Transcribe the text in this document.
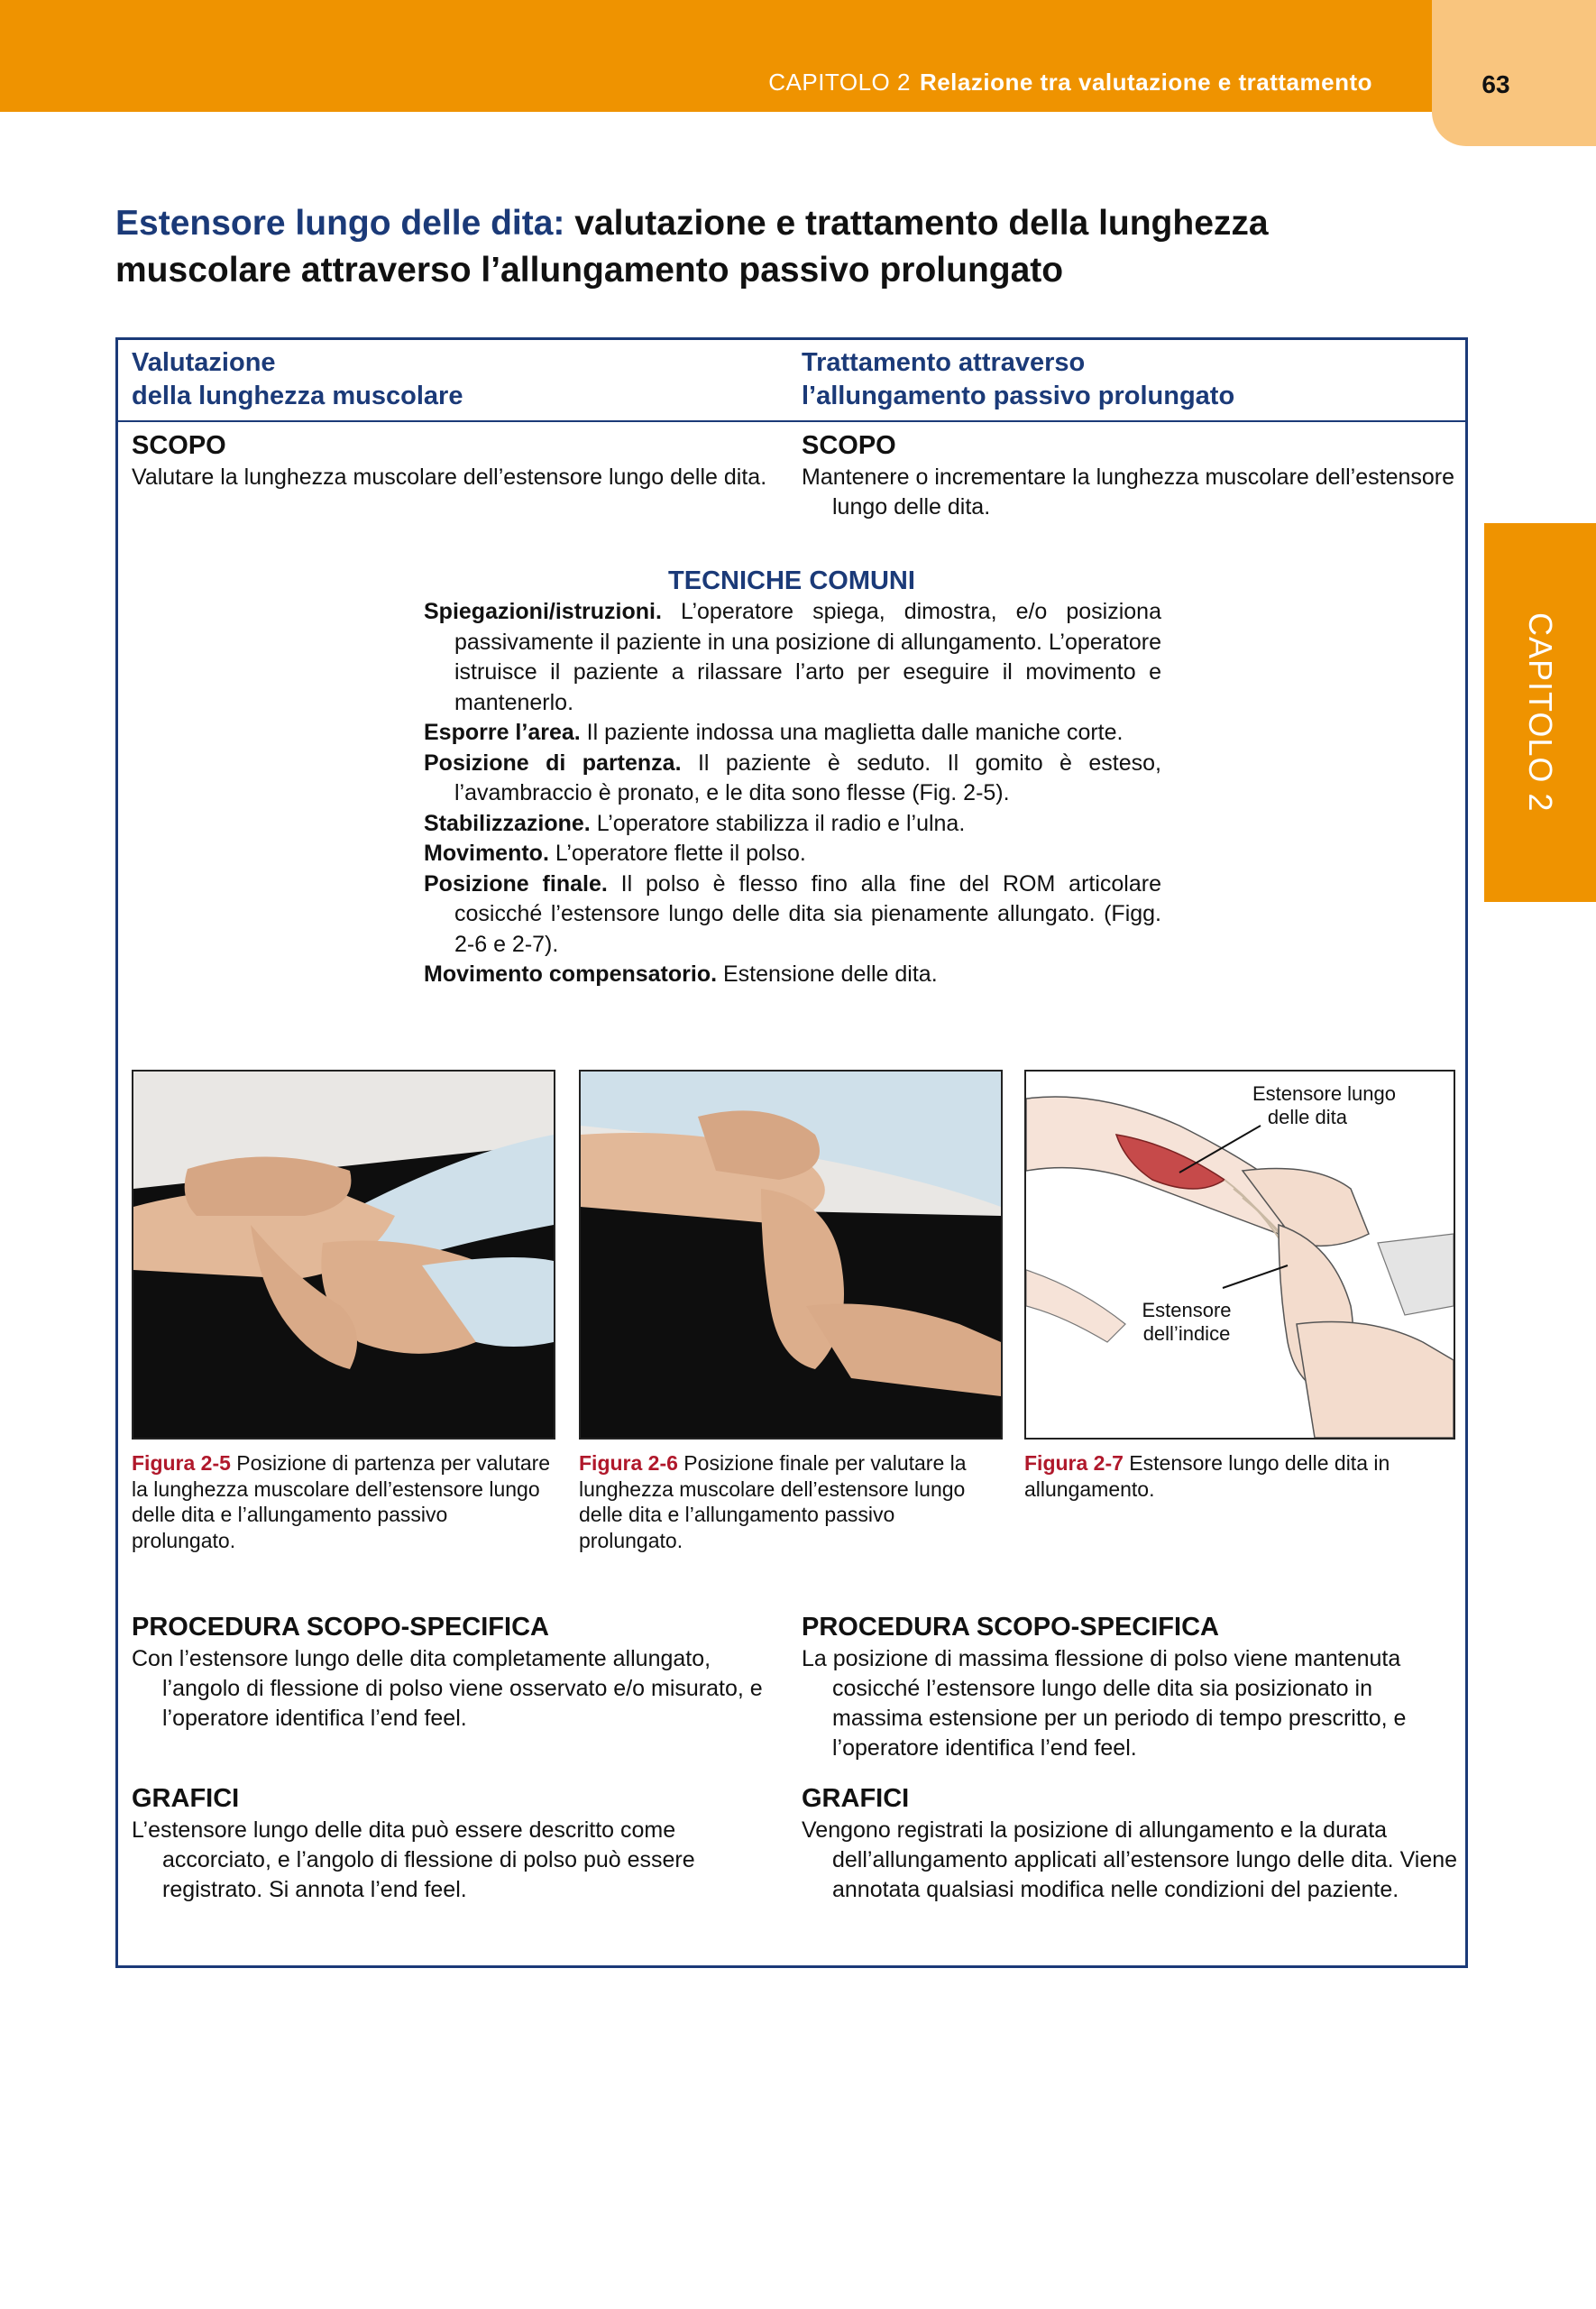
CAPITOLO 2 Relazione tra valutazione e trattamento	63
CAPITOLO 2
Estensore lungo delle dita: valutazione e trattamento della lunghezza
muscolare attraverso l’allungamento passivo prolungato
Valutazione
della lunghezza muscolare
Trattamento attraverso
l’allungamento passivo prolungato
SCOPO

Valutare la lunghezza muscolare dell’estensore lungo delle dita.

SCOPO

Mantenere o incrementare la lunghezza muscolare dell’estensore lungo delle dita.

TECNICHE COMUNI

Spiegazioni/istruzioni. L’operatore spiega, dimostra, e/o posiziona passivamente il paziente in una posizione di allungamento. L’operatore istruisce il paziente a rilassare l’arto per eseguire il movimento e mantenerlo.

Esporre l’area. Il paziente indossa una maglietta dalle maniche corte.

Posizione di partenza. Il paziente è seduto. Il gomito è esteso, l’avambraccio è pronato, e le dita sono flesse (Fig. 2-5).

Stabilizzazione. L’operatore stabilizza il radio e l’ulna.

Movimento. L’operatore flette il polso.

Posizione finale. Il polso è flesso fino alla fine del ROM articolare cosicché l’estensore lungo delle dita sia pienamente allungato. (Figg. 2-6 e 2-7).

Movimento compensatorio. Estensione delle dita.

Estensore lungo
delle dita
Estensore
dell’indice
Figura 2-5 Posizione di partenza per valutare la lunghezza muscolare dell’estensore lungo delle dita e l’allungamento passivo prolungato.
Figura 2-6 Posizione finale per valutare la lunghezza muscolare dell’estensore lungo delle dita e l’allungamento passivo prolungato.
Figura 2-7 Estensore lungo delle dita in allungamento.
PROCEDURA SCOPO-SPECIFICA

Con l’estensore lungo delle dita completamente allungato, l’angolo di flessione di polso viene osservato e/o misurato, e l’operatore identifica l’end feel.

PROCEDURA SCOPO-SPECIFICA

La posizione di massima flessione di polso viene mantenuta cosicché l’estensore lungo delle dita sia posizionato in massima estensione per un periodo di tempo prescritto, e l’operatore identifica l’end feel.

GRAFICI

L’estensore lungo delle dita può essere descritto come accorciato, e l’angolo di flessione di polso può essere registrato. Si annota l’end feel.

GRAFICI

Vengono registrati la posizione di allungamento e la durata dell’allungamento applicati all’estensore lungo delle dita. Viene annotata qualsiasi modifica nelle condizioni del paziente.
